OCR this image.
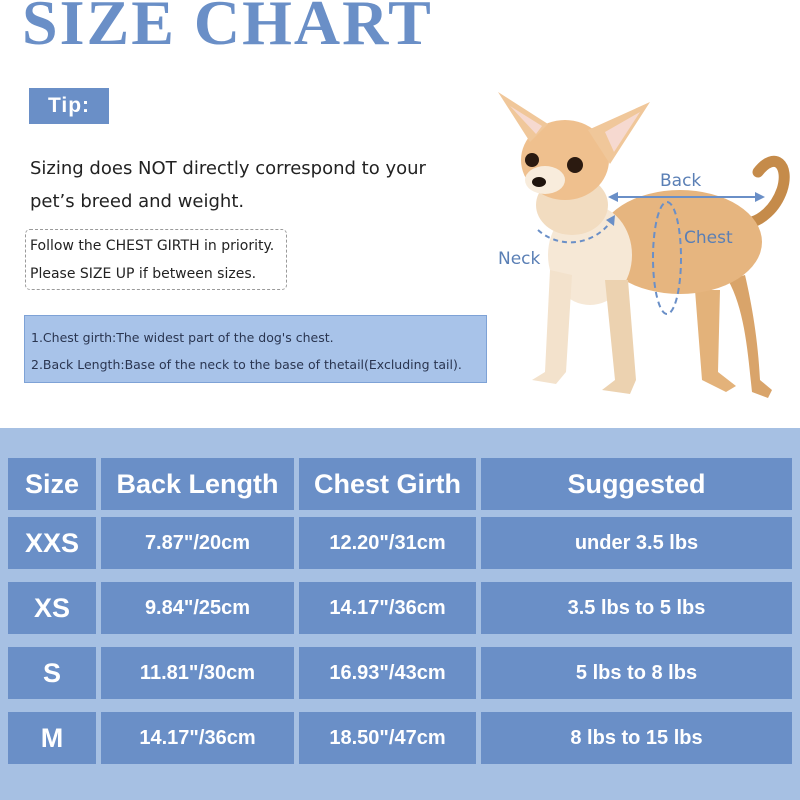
SIZE CHART
Tip:
Sizing does NOT directly correspond to your
pet’s breed and weight.
Follow the CHEST GIRTH in priority.
Please SIZE UP if between sizes.
1.Chest girth:The widest part of the dog's chest.
2.Back Length:Base of the neck to the base of thetail(Excluding tail).
Back
Chest
Neck
Size	Back Length	Chest Girth	Suggested
XXS	7.87"/20cm	12.20"/31cm	under 3.5 lbs
XS	9.84"/25cm	14.17"/36cm	3.5 lbs to 5 lbs
S	11.81"/30cm	16.93"/43cm	5 lbs to 8 lbs
M	14.17"/36cm	18.50"/47cm	8 lbs to 15 lbs
